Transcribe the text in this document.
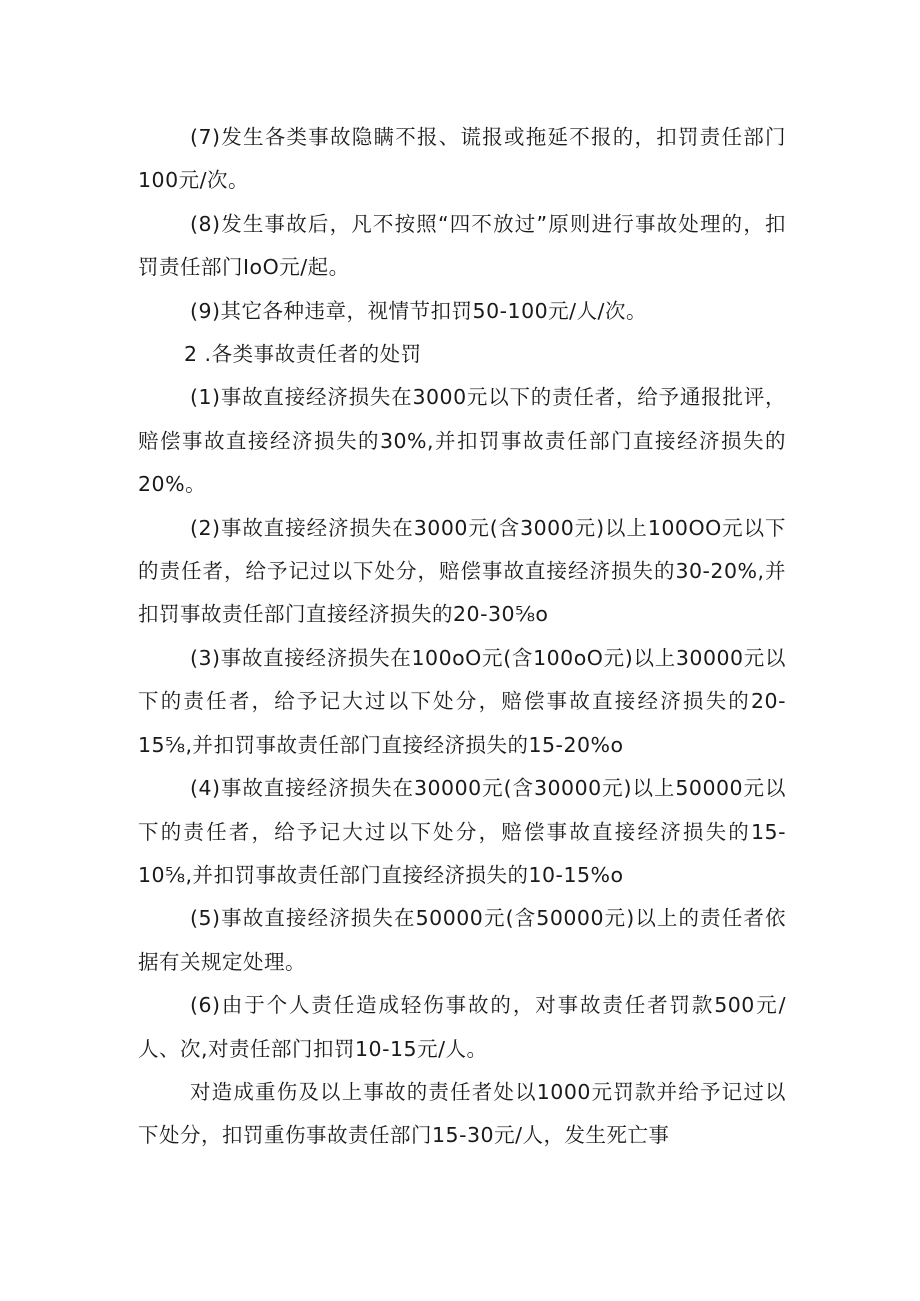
(7)发生各类事故隐瞒不报、谎报或拖延不报的，扣罚责任部门100元/次。

(8)发生事故后，凡不按照“四不放过”原则进行事故处理的，扣罚责任部门IoO元/起。

(9)其它各种违章，视情节扣罚50-100元/人/次。

2 .各类事故责任者的处罚

(1)事故直接经济损失在3000元以下的责任者，给予通报批评，赔偿事故直接经济损失的30%,并扣罚事故责任部门直接经济损失的20%。

(2)事故直接经济损失在3000元(含3000元)以上100OO元以下的责任者，给予记过以下处分，赔偿事故直接经济损失的30-20%,并扣罚事故责任部门直接经济损失的20-30⅝o

(3)事故直接经济损失在100oO元(含100oO元)以上30000元以下的责任者，给予记大过以下处分，赔偿事故直接经济损失的20-15⅝,并扣罚事故责任部门直接经济损失的15-20%o

(4)事故直接经济损失在30000元(含30000元)以上50000元以下的责任者，给予记大过以下处分，赔偿事故直接经济损失的15-10⅝,并扣罚事故责任部门直接经济损失的10-15%o

(5)事故直接经济损失在50000元(含50000元)以上的责任者依据有关规定处理。

(6)由于个人责任造成轻伤事故的，对事故责任者罚款500元/人、次,对责任部门扣罚10-15元/人。

对造成重伤及以上事故的责任者处以1000元罚款并给予记过以下处分，扣罚重伤事故责任部门15-30元/人，发生死亡事
